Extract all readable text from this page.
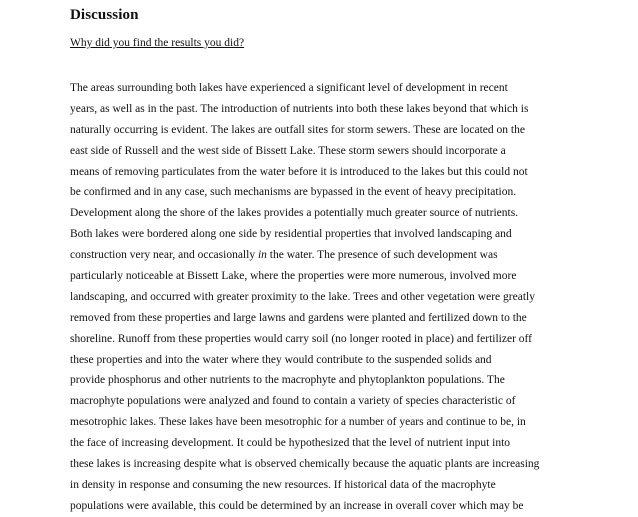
Discussion

Why did you find the results you did?

The areas surrounding both lakes have experienced a significant level of development in recent
years, as well as in the past. The introduction of nutrients into both these lakes beyond that which is
naturally occurring is evident. The lakes are outfall sites for storm sewers. These are located on the
east side of Russell and the west side of Bissett Lake. These storm sewers should incorporate a
means of removing particulates from the water before it is introduced to the lakes but this could not
be confirmed and in any case, such mechanisms are bypassed in the event of heavy precipitation.
Development along the shore of the lakes provides a potentially much greater source of nutrients.
Both lakes were bordered along one side by residential properties that involved landscaping and
construction very near, and occasionally in the water. The presence of such development was
particularly noticeable at Bissett Lake, where the properties were more numerous, involved more
landscaping, and occurred with greater proximity to the lake. Trees and other vegetation were greatly
removed from these properties and large lawns and gardens were planted and fertilized down to the
shoreline. Runoff from these properties would carry soil (no longer rooted in place) and fertilizer off
these properties and into the water where they would contribute to the suspended solids and
provide phosphorus and other nutrients to the macrophyte and phytoplankton populations. The
macrophyte populations were analyzed and found to contain a variety of species characteristic of
mesotrophic lakes. These lakes have been mesotrophic for a number of years and continue to be, in
the face of increasing development. It could be hypothesized that the level of nutrient input into
these lakes is increasing despite what is observed chemically because the aquatic plants are increasing
in density in response and consuming the new resources. If historical data of the macrophyte
populations were available, this could be determined by an increase in overall cover which may be
